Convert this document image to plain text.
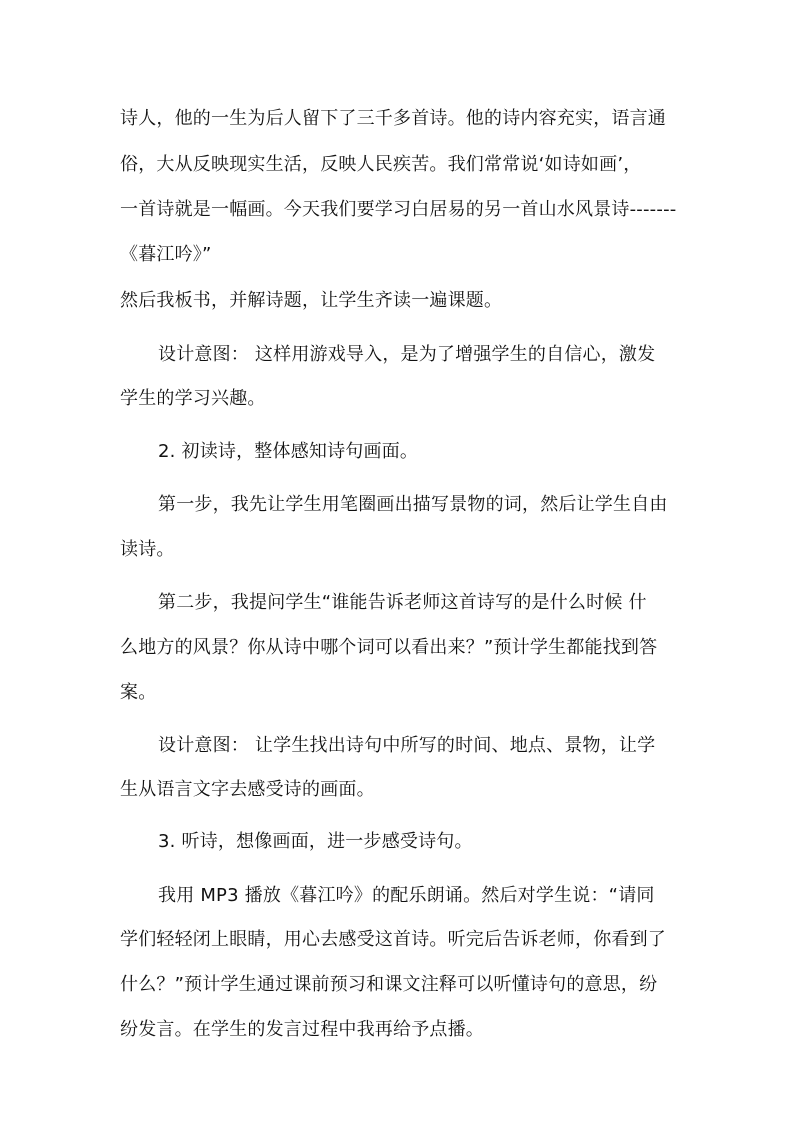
诗人，他的一生为后人留下了三千多首诗。他的诗内容充实，语言通
俗，大从反映现实生活，反映人民疾苦。我们常常说‘如诗如画’，
一首诗就是一幅画。今天我们要学习白居易的另一首山水风景诗-------
《暮江吟》”
然后我板书，并解诗题，让学生齐读一遍课题。
设计意图： 这样用游戏导入，是为了增强学生的自信心，激发
学生的学习兴趣。
2. 初读诗，整体感知诗句画面。
第一步，我先让学生用笔圈画出描写景物的词，然后让学生自由
读诗。
第二步，我提问学生“谁能告诉老师这首诗写的是什么时候 什
么地方的风景？你从诗中哪个词可以看出来？”预计学生都能找到答
案。
设计意图： 让学生找出诗句中所写的时间、地点、景物，让学
生从语言文字去感受诗的画面。
3. 听诗，想像画面，进一步感受诗句。
我用 MP3 播放《暮江吟》的配乐朗诵。然后对学生说：“请同
学们轻轻闭上眼睛，用心去感受这首诗。听完后告诉老师，你看到了
什么？”预计学生通过课前预习和课文注释可以听懂诗句的意思，纷
纷发言。在学生的发言过程中我再给予点播。
